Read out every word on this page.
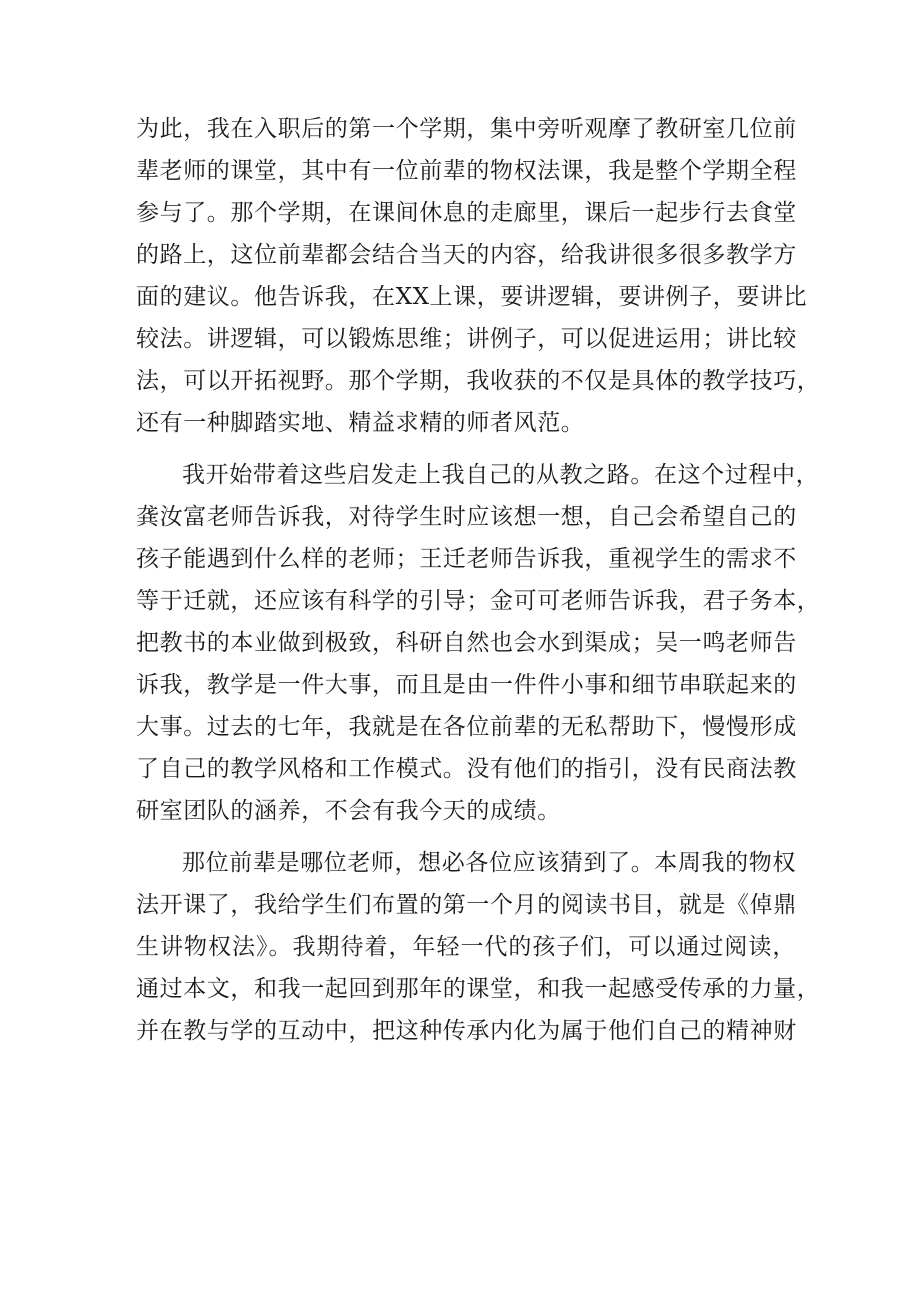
为此，我在入职后的第一个学期，集中旁听观摩了教研室几位前
辈老师的课堂，其中有一位前辈的物权法课，我是整个学期全程
参与了。那个学期，在课间休息的走廊里，课后一起步行去食堂
的路上，这位前辈都会结合当天的内容，给我讲很多很多教学方
面的建议。他告诉我，在XX上课，要讲逻辑，要讲例子，要讲比
较法。讲逻辑，可以锻炼思维；讲例子，可以促进运用；讲比较
法，可以开拓视野。那个学期，我收获的不仅是具体的教学技巧，
还有一种脚踏实地、精益求精的师者风范。
我开始带着这些启发走上我自己的从教之路。在这个过程中，
龚汝富老师告诉我，对待学生时应该想一想，自己会希望自己的
孩子能遇到什么样的老师；王迁老师告诉我，重视学生的需求不
等于迁就，还应该有科学的引导；金可可老师告诉我，君子务本，
把教书的本业做到极致，科研自然也会水到渠成；吴一鸣老师告
诉我，教学是一件大事，而且是由一件件小事和细节串联起来的
大事。过去的七年，我就是在各位前辈的无私帮助下，慢慢形成
了自己的教学风格和工作模式。没有他们的指引，没有民商法教
研室团队的涵养，不会有我今天的成绩。
那位前辈是哪位老师，想必各位应该猜到了。本周我的物权
法开课了，我给学生们布置的第一个月的阅读书目，就是《倬鼎
生讲物权法》。我期待着，年轻一代的孩子们，可以通过阅读，
通过本文，和我一起回到那年的课堂，和我一起感受传承的力量，
并在教与学的互动中，把这种传承内化为属于他们自己的精神财
